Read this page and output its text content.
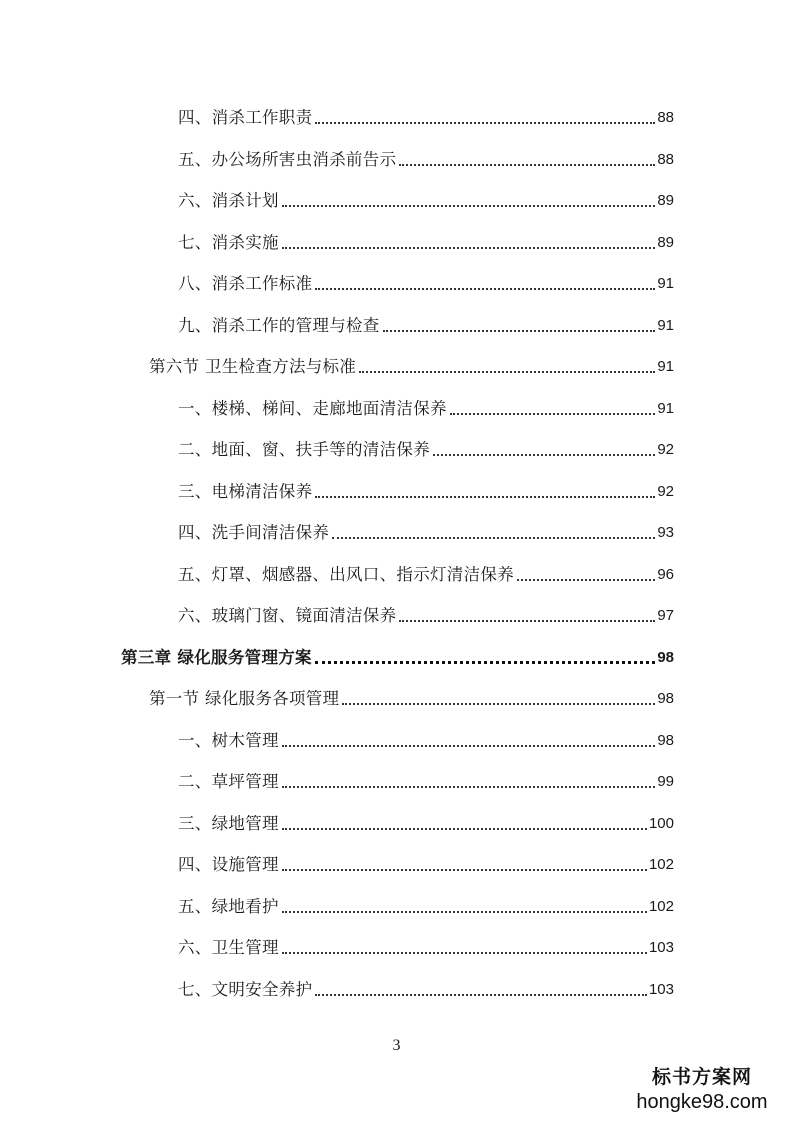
四、消杀工作职责	88
五、办公场所害虫消杀前告示	88
六、消杀计划	89
七、消杀实施	89
八、消杀工作标准	91
九、消杀工作的管理与检查	91
第六节 卫生检查方法与标准	91
一、楼梯、梯间、走廊地面清洁保养	91
二、地面、窗、扶手等的清洁保养	92
三、电梯清洁保养	92
四、洗手间清洁保养	93
五、灯罩、烟感器、出风口、指示灯清洁保养	96
六、玻璃门窗、镜面清洁保养	97
第三章 绿化服务管理方案	98
第一节 绿化服务各项管理	98
一、树木管理	98
二、草坪管理	99
三、绿地管理	100
四、设施管理	102
五、绿地看护	102
六、卫生管理	103
七、文明安全养护	103
3
标书方案网
hongke98.com
